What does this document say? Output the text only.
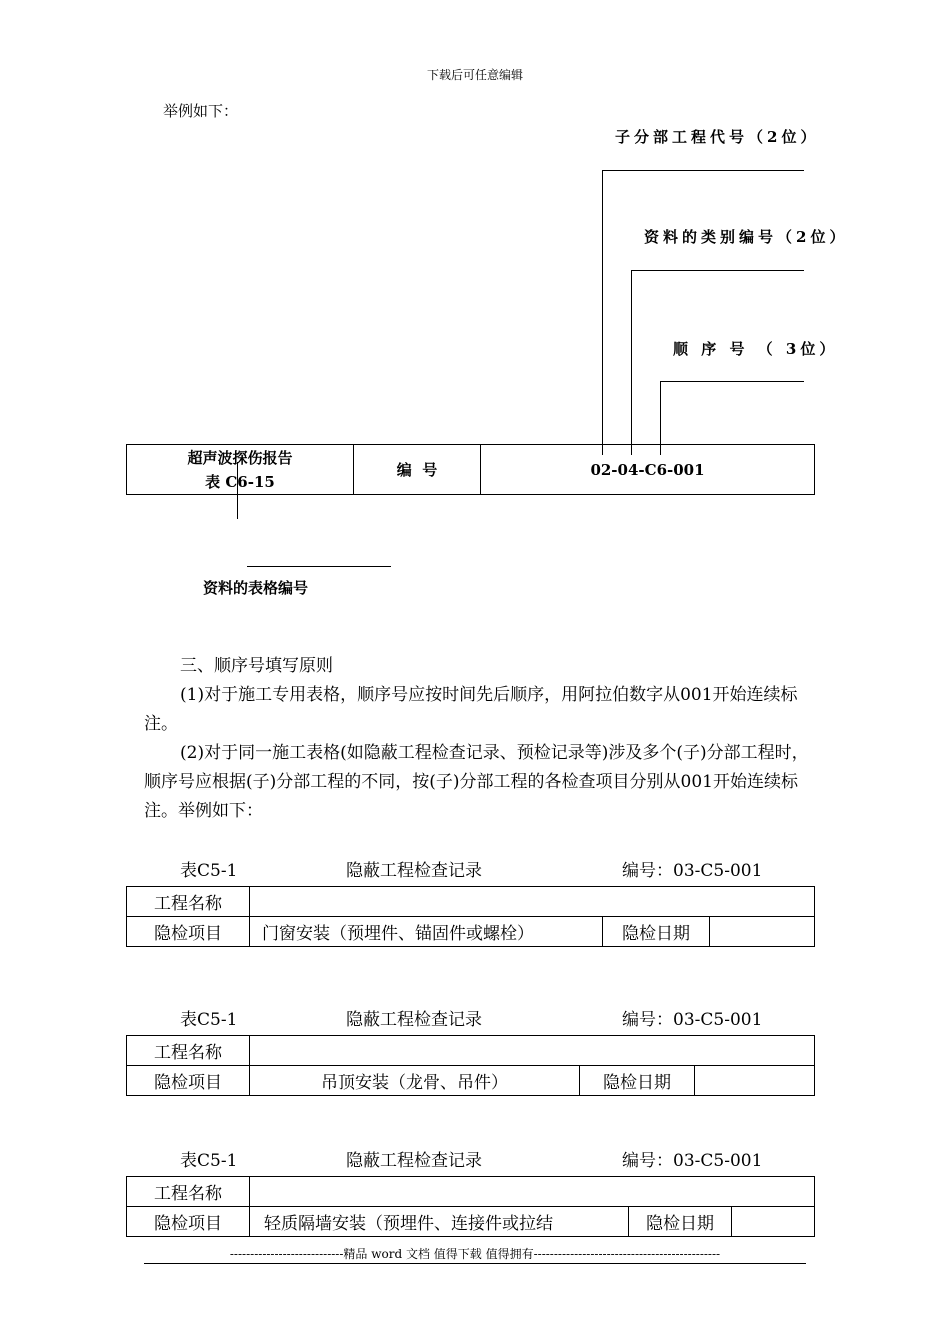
下载后可任意编辑
举例如下：
子分部工程代号（2位）
资料的类别编号（2位）
顺 序 号 （ 3位）
超声波探伤报告
表 C6-15
	编  号	02-04-C6-001
资料的表格编号
三、顺序号填写原则
(1)对于施工专用表格，顺序号应按时间先后顺序，用阿拉伯数字从001开始连续标注。
(2)对于同一施工表格(如隐蔽工程检查记录、预检记录等)涉及多个(子)分部工程时，顺序号应根据(子)分部工程的不同，按(子)分部工程的各检查项目分别从001开始连续标注。举例如下：
表C5-1	隐蔽工程检查记录	编号：03-C5-001
工程名称			
隐检项目	门窗安装（预埋件、锚固件或螺栓）	隐检日期	
表C5-1	隐蔽工程检查记录	编号：03-C5-001
工程名称			
隐检项目	吊顶安装（龙骨、吊件）	隐检日期	
表C5-1	隐蔽工程检查记录	编号：03-C5-001
工程名称			
隐检项目	轻质隔墙安装（预埋件、连接件或拉结	隐检日期	
----------------------------精品 word 文档 值得下载 值得拥有----------------------------------------------
